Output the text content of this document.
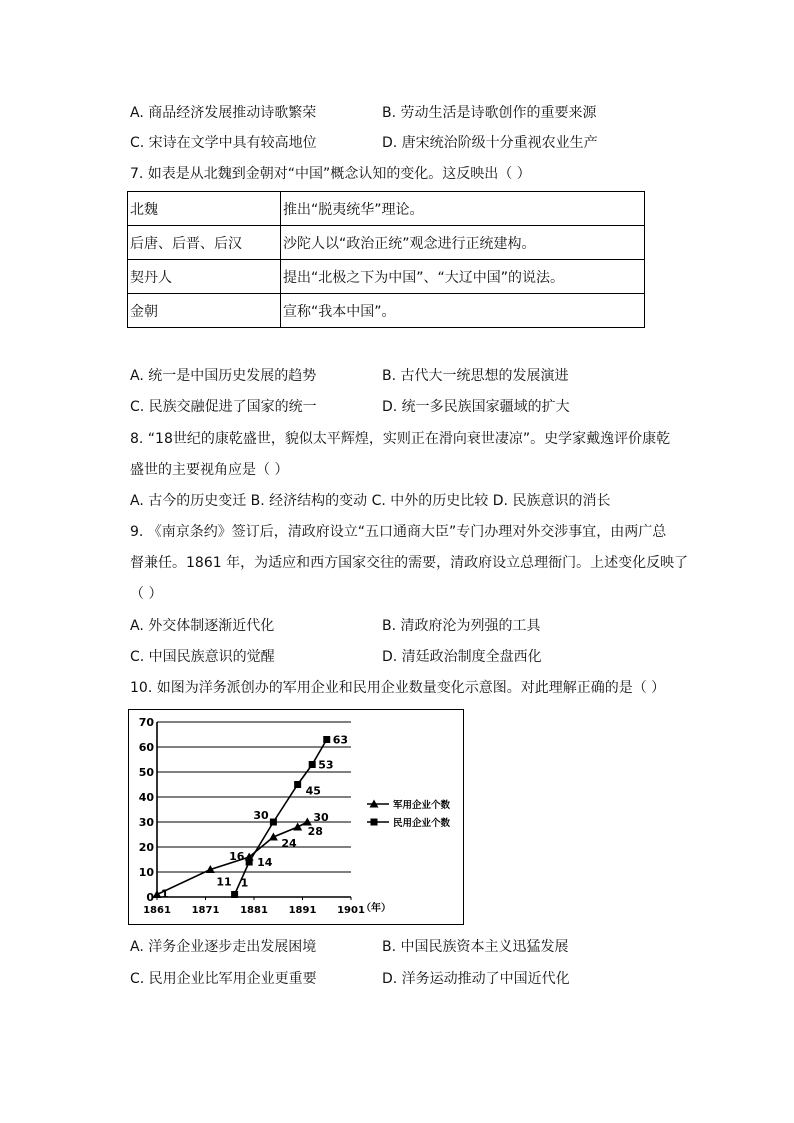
A. 商品经济发展推动诗歌繁荣	B. 劳动生活是诗歌创作的重要来源
C. 宋诗在文学中具有较高地位	D. 唐宋统治阶级十分重视农业生产
7. 如表是从北魏到金朝对“中国”概念认知的变化。这反映出（ ）
北魏	推出“脱夷统华”理论。
后唐、后晋、后汉	沙陀人以“政治正统”观念进行正统建构。
契丹人	提出“北极之下为中国”、“大辽中国”的说法。
金朝	宣称“我本中国”。
A. 统一是中国历史发展的趋势	B. 古代大一统思想的发展演进
C. 民族交融促进了国家的统一	D. 统一多民族国家疆域的扩大
8. “18世纪的康乾盛世，貌似太平辉煌，实则正在滑向衰世凄凉”。史学家戴逸评价康乾
盛世的主要视角应是（ ）
A. 古今的历史变迁 B. 经济结构的变动 C. 中外的历史比较 D. 民族意识的消长
9. 《南京条约》签订后，清政府设立“五口通商大臣”专门办理对外交涉事宜，由两广总
督兼任。1861 年，为适应和西方国家交往的需要，清政府设立总理衙门。上述变化反映了
（ ）
A. 外交体制逐渐近代化	B. 清政府沦为列强的工具
C. 中国民族意识的觉醒	D. 清廷政治制度全盘西化
10. 如图为洋务派创办的军用企业和民用企业数量变化示意图。对此理解正确的是（ ）
0
10
20
30
40
50
60
70
1861 1871 1881 1891 1901
（年）
1
11
16
24
28
30
1
14
30
45
53
63
军用企业个数
民用企业个数
A. 洋务企业逐步走出发展困境	B. 中国民族资本主义迅猛发展
C. 民用企业比军用企业更重要	D. 洋务运动推动了中国近代化
